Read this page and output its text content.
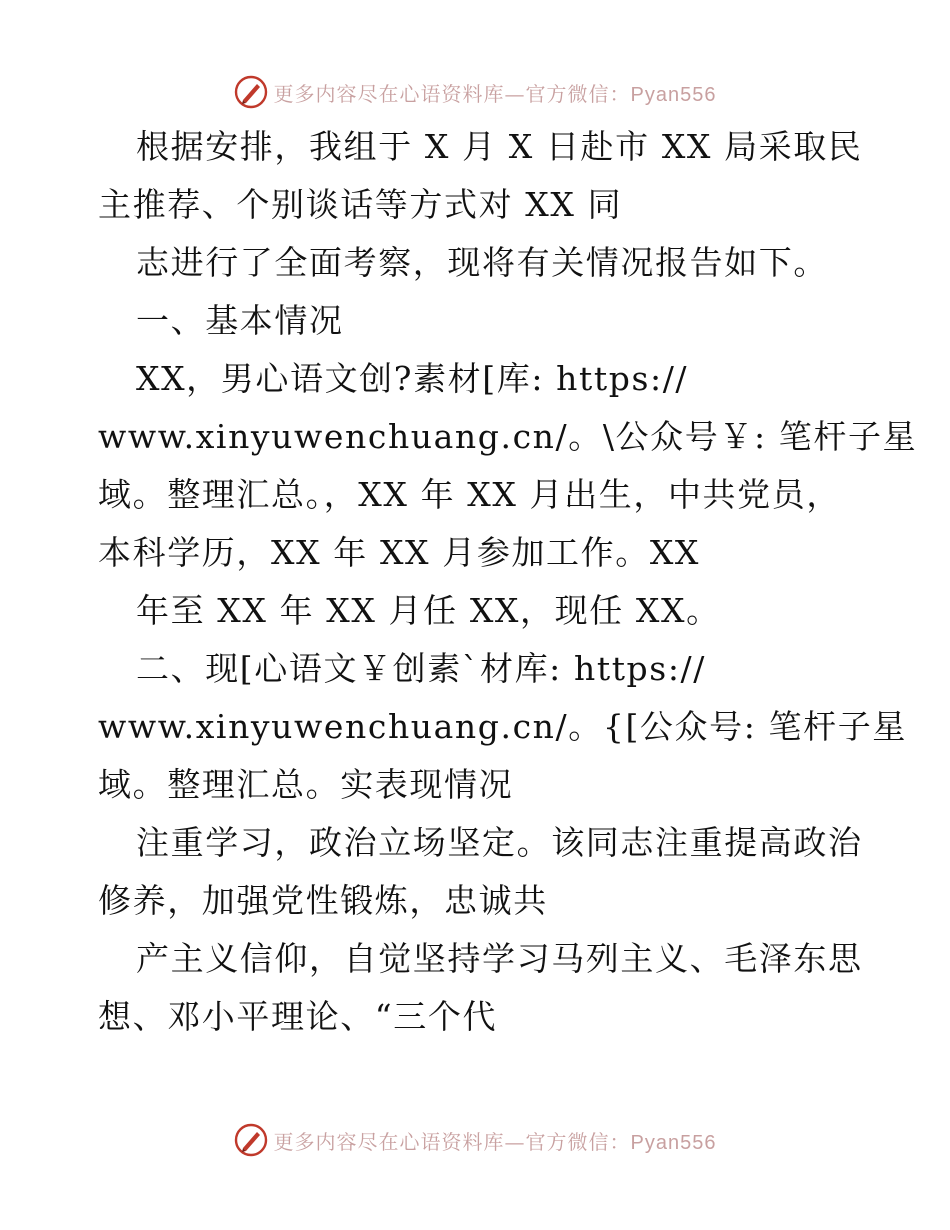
更多内容尽在心语资料库—官方微信：Pyan556
根据安排，我组于 X 月 X 日赴市 XX 局采取民
主推荐、个别谈话等方式对 XX 同
志进行了全面考察，现将有关情况报告如下。
一、基本情况
XX，男心语文创?素材[库: https://
www.xinyuwenchuang.cn/。\公众号￥: 笔杆子星
域。整理汇总。，XX 年 XX 月出生，中共党员，
本科学历，XX 年 XX 月参加工作。XX
年至 XX 年 XX 月任 XX，现任 XX。
二、现[心语文￥创素`材库: https://
www.xinyuwenchuang.cn/。{[公众号: 笔杆子星
域。整理汇总。实表现情况
注重学习，政治立场坚定。该同志注重提高政治
修养，加强党性锻炼，忠诚共
产主义信仰，自觉坚持学习马列主义、毛泽东思
想、邓小平理论、“三个代
更多内容尽在心语资料库—官方微信：Pyan556
